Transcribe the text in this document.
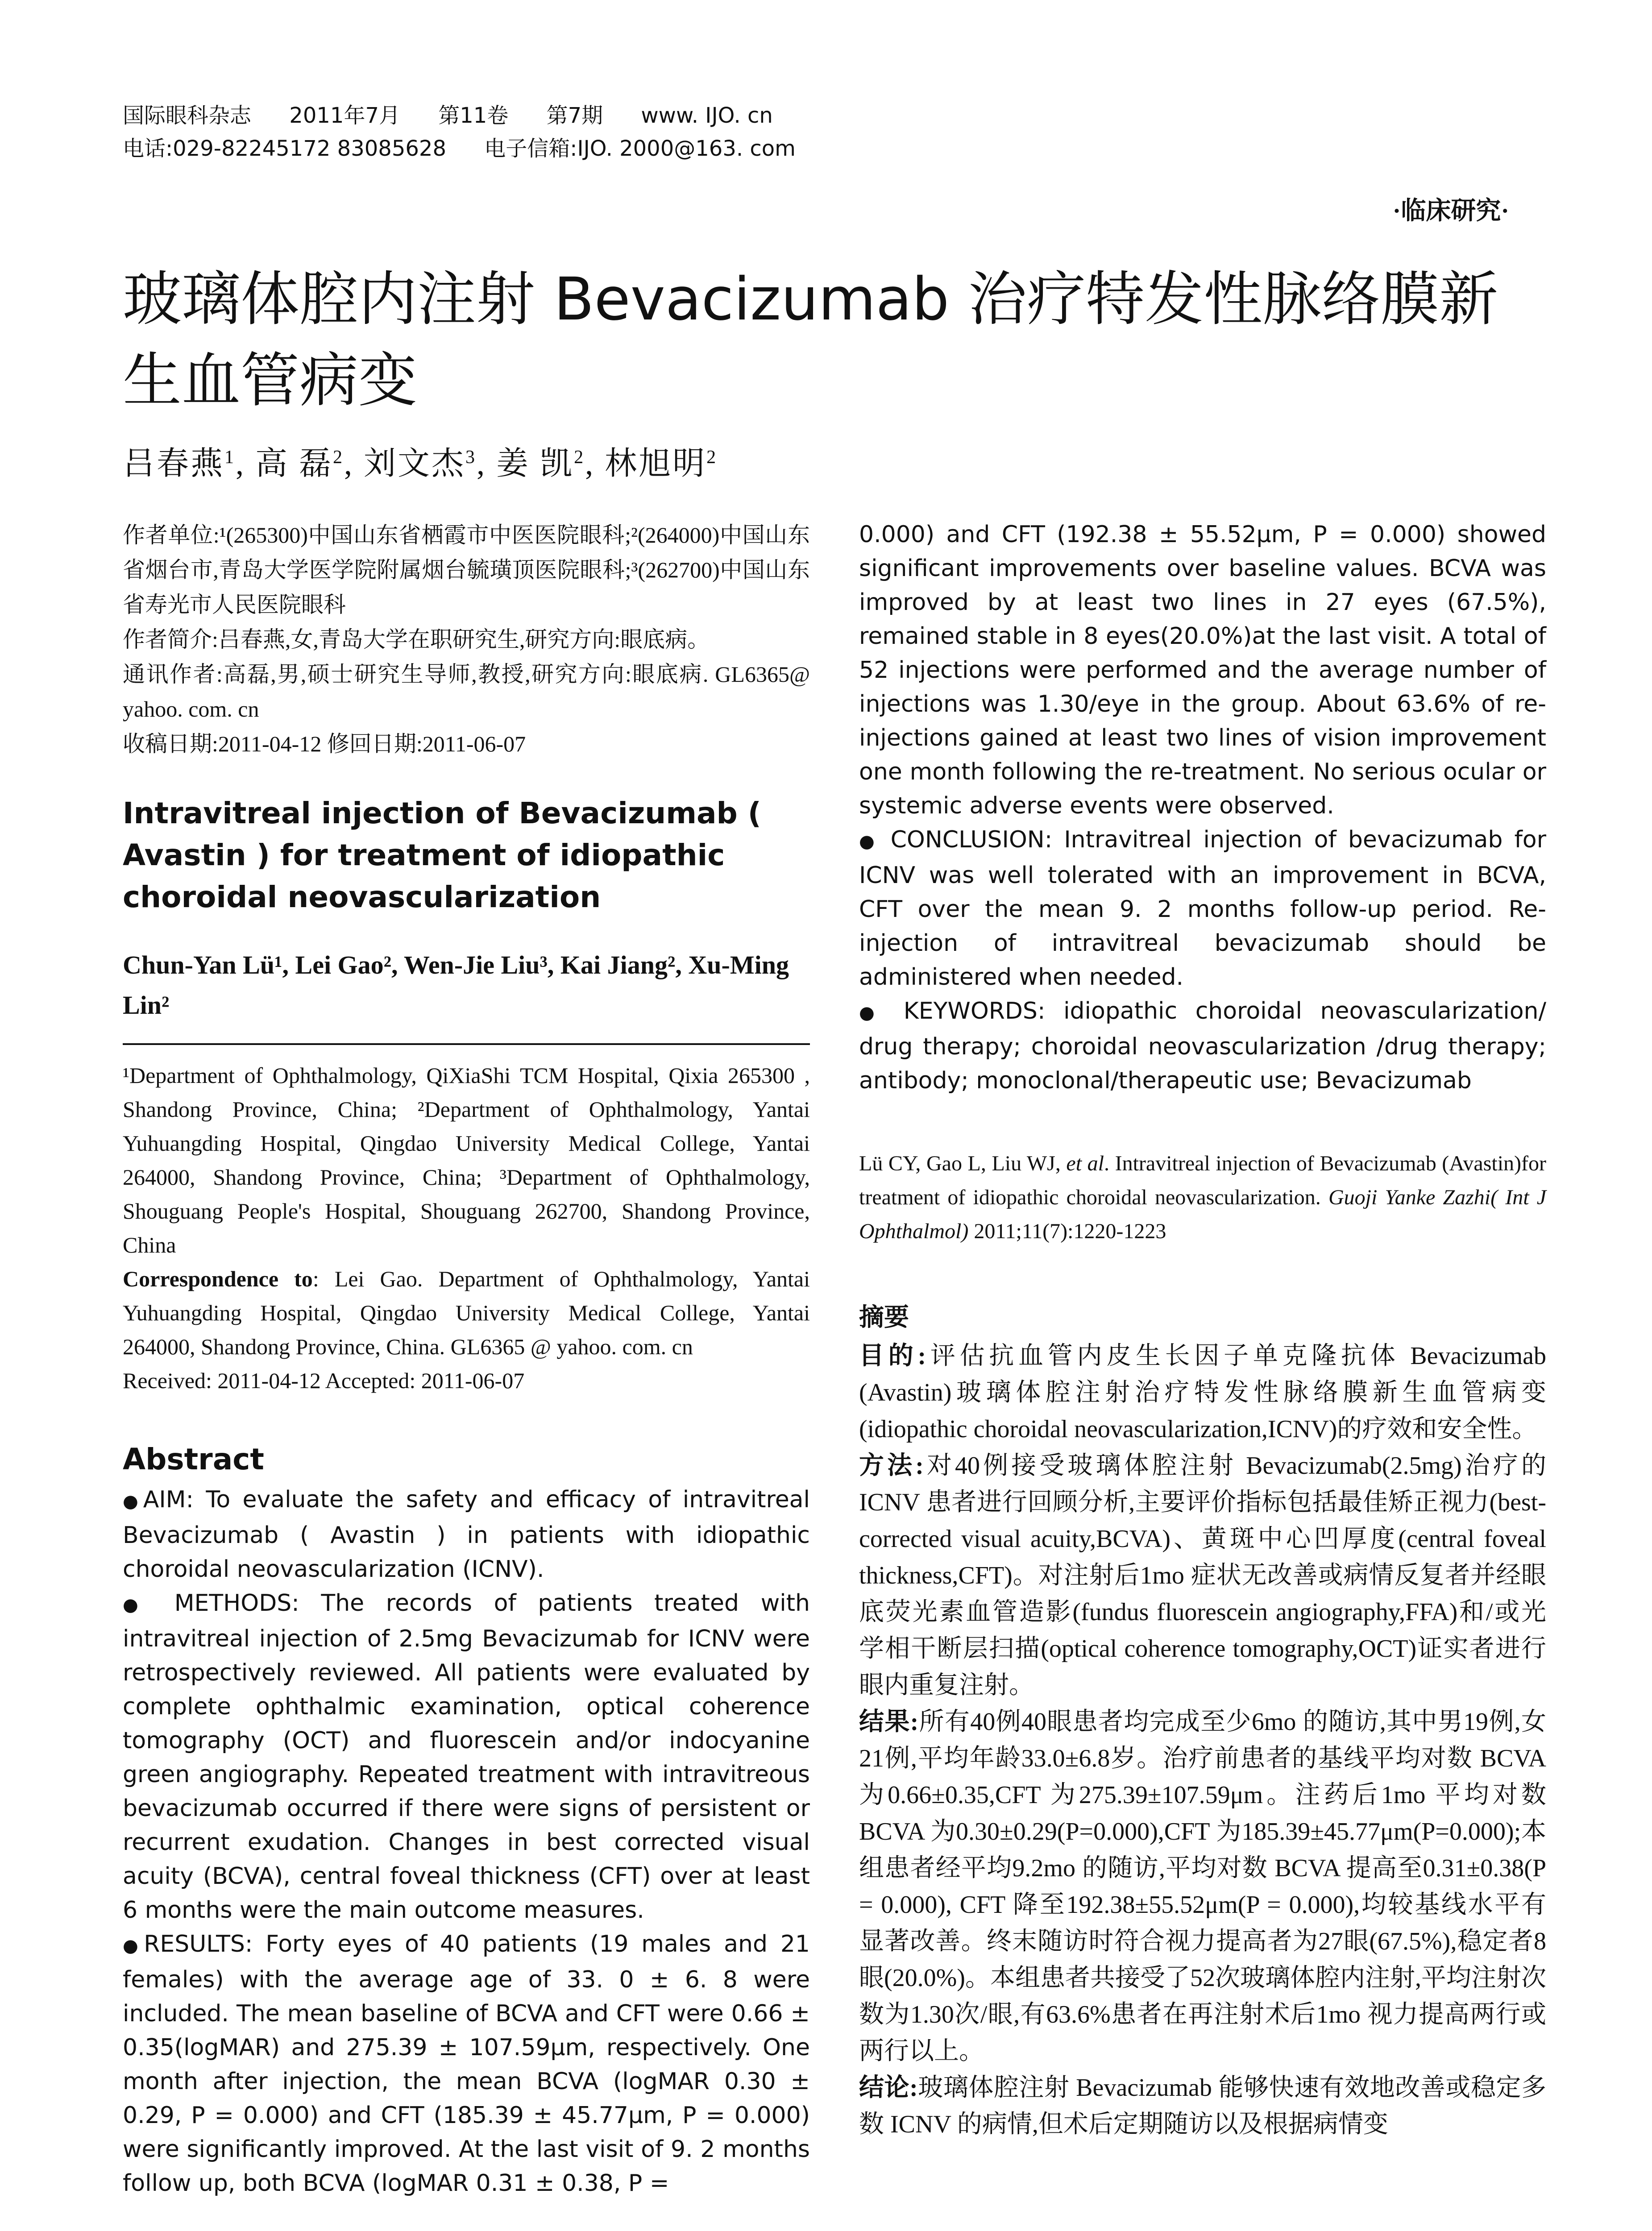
国际眼科杂志 2011年7月 第11卷 第7期 www. IJO. cn
电话:029-82245172 83085628 电子信箱:IJO. 2000@163. com
·临床研究·
玻璃体腔内注射 Bevacizumab 治疗特发性脉络膜新生血管病变
吕春燕$^1$, 高 磊$^2$, 刘文杰$^3$, 姜 凯$^2$, 林旭明$^2$

作者单位:¹(265300)中国山东省栖霞市中医医院眼科;²(264000)中国山东省烟台市,青岛大学医学院附属烟台毓璜顶医院眼科;³(262700)中国山东省寿光市人民医院眼科

作者简介:吕春燕,女,青岛大学在职研究生,研究方向:眼底病。

通讯作者:高磊,男,硕士研究生导师,教授,研究方向:眼底病. GL6365@ yahoo. com. cn

收稿日期:2011-04-12 修回日期:2011-06-07

Intravitreal injection of Bevacizumab ( Avastin ) for treatment of idiopathic choroidal neovascularization
Chun-Yan Lü¹, Lei Gao², Wen-Jie Liu³, Kai Jiang², Xu-Ming Lin²

¹Department of Ophthalmology, QiXiaShi TCM Hospital, Qixia 265300 , Shandong Province, China; ²Department of Ophthalmology, Yantai Yuhuangding Hospital, Qingdao University Medical College, Yantai 264000, Shandong Province, China; ³Department of Ophthalmology, Shouguang People's Hospital, Shouguang 262700, Shandong Province, China

Correspondence to: Lei Gao. Department of Ophthalmology, Yantai Yuhuangding Hospital, Qingdao University Medical College, Yantai 264000, Shandong Province, China. GL6365 @ yahoo. com. cn

Received: 2011-04-12 Accepted: 2011-06-07

Abstract

●AIM: To evaluate the safety and efficacy of intravitreal Bevacizumab ( Avastin ) in patients with idiopathic choroidal neovascularization (ICNV).

● METHODS: The records of patients treated with intravitreal injection of 2.5mg Bevacizumab for ICNV were retrospectively reviewed. All patients were evaluated by complete ophthalmic examination, optical coherence tomography (OCT) and fluorescein and/or indocyanine green angiography. Repeated treatment with intravitreous bevacizumab occurred if there were signs of persistent or recurrent exudation. Changes in best corrected visual acuity (BCVA), central foveal thickness (CFT) over at least 6 months were the main outcome measures.

●RESULTS: Forty eyes of 40 patients (19 males and 21 females) with the average age of 33. 0 ± 6. 8 were included. The mean baseline of BCVA and CFT were 0.66 ± 0.35(logMAR) and 275.39 ± 107.59μm, respectively. One month after injection, the mean BCVA (logMAR 0.30 ± 0.29, P = 0.000) and CFT (185.39 ± 45.77μm, P = 0.000) were significantly improved. At the last visit of 9. 2 months follow up, both BCVA (logMAR 0.31 ± 0.38, P =

0.000) and CFT (192.38 ± 55.52μm, P = 0.000) showed significant improvements over baseline values. BCVA was improved by at least two lines in 27 eyes (67.5%), remained stable in 8 eyes(20.0%)at the last visit. A total of 52 injections were performed and the average number of injections was 1.30/eye in the group. About 63.6% of re-injections gained at least two lines of vision improvement one month following the re-treatment. No serious ocular or systemic adverse events were observed.

● CONCLUSION: Intravitreal injection of bevacizumab for ICNV was well tolerated with an improvement in BCVA, CFT over the mean 9. 2 months follow-up period. Re-injection of intravitreal bevacizumab should be administered when needed.

● KEYWORDS: idiopathic choroidal neovascularization/ drug therapy; choroidal neovascularization /drug therapy; antibody; monoclonal/therapeutic use; Bevacizumab

Lü CY, Gao L, Liu WJ, et al. Intravitreal injection of Bevacizumab (Avastin)for treatment of idiopathic choroidal neovascularization. Guoji Yanke Zazhi( Int J Ophthalmol) 2011;11(7):1220-1223

摘要

目的:评估抗血管内皮生长因子单克隆抗体 Bevacizumab (Avastin)玻璃体腔注射治疗特发性脉络膜新生血管病变(idiopathic choroidal neovascularization,ICNV)的疗效和安全性。

方法:对40例接受玻璃体腔注射 Bevacizumab(2.5mg)治疗的 ICNV 患者进行回顾分析,主要评价指标包括最佳矫正视力(best-corrected visual acuity,BCVA)、黄斑中心凹厚度(central foveal thickness,CFT)。对注射后1mo 症状无改善或病情反复者并经眼底荧光素血管造影(fundus fluorescein angiography,FFA)和/或光学相干断层扫描(optical coherence tomography,OCT)证实者进行眼内重复注射。

结果:所有40例40眼患者均完成至少6mo 的随访,其中男19例,女21例,平均年龄33.0±6.8岁。治疗前患者的基线平均对数 BCVA 为0.66±0.35,CFT 为275.39±107.59μm。注药后1mo 平均对数 BCVA 为0.30±0.29(P=0.000),CFT 为185.39±45.77μm(P=0.000);本组患者经平均9.2mo 的随访,平均对数 BCVA 提高至0.31±0.38(P = 0.000), CFT 降至192.38±55.52μm(P = 0.000),均较基线水平有显著改善。终末随访时符合视力提高者为27眼(67.5%),稳定者8眼(20.0%)。本组患者共接受了52次玻璃体腔内注射,平均注射次数为1.30次/眼,有63.6%患者在再注射术后1mo 视力提高两行或两行以上。

结论:玻璃体腔注射 Bevacizumab 能够快速有效地改善或稳定多数 ICNV 的病情,但术后定期随访以及根据病情变
